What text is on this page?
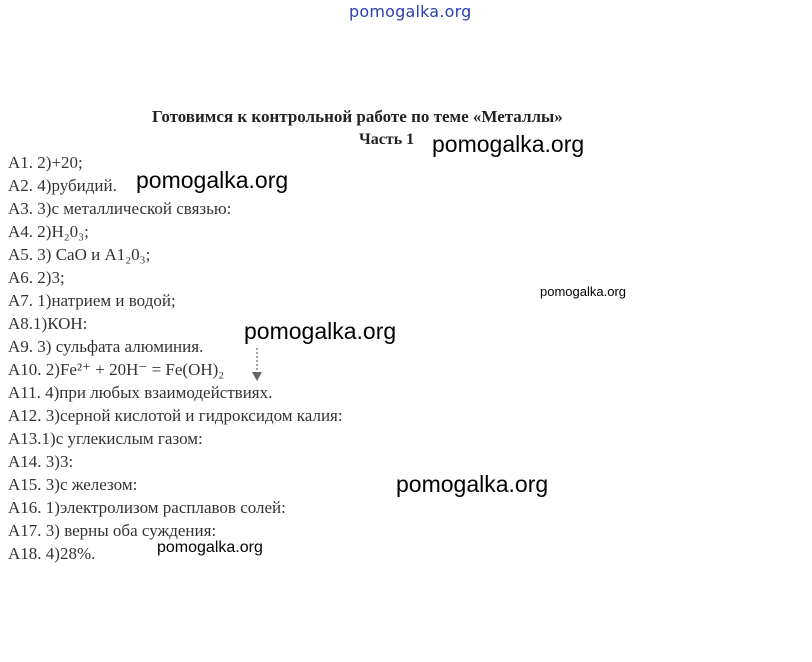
pomogalka.org
Готовимся к контрольной работе по теме «Металлы»
Часть 1
А1. 2)+20;
А2. 4)рубидий.
А3. 3)с металлической связью:
А4. 2)H₂0₃;
А5. 3) CaO и A1₂0₃;
А6. 2)3;
А7. 1)натрием и водой;
А8.1)КОН:
А9. 3) сульфата алюминия.
А10. 2)Fe²⁺ + 20H⁻ = Fe(OH)₂
А11. 4)при любых взаимодействиях.
А12. 3)серной кислотой и гидроксидом калия:
А13.1)с углекислым газом:
А14. 3)3:
А15. 3)с железом:
А16. 1)электролизом расплавов солей:
А17. 3) верны оба суждения:
А18. 4)28%.
pomogalka.org
pomogalka.org
pomogalka.org
pomogalka.org
pomogalka.org
pomogalka.org
